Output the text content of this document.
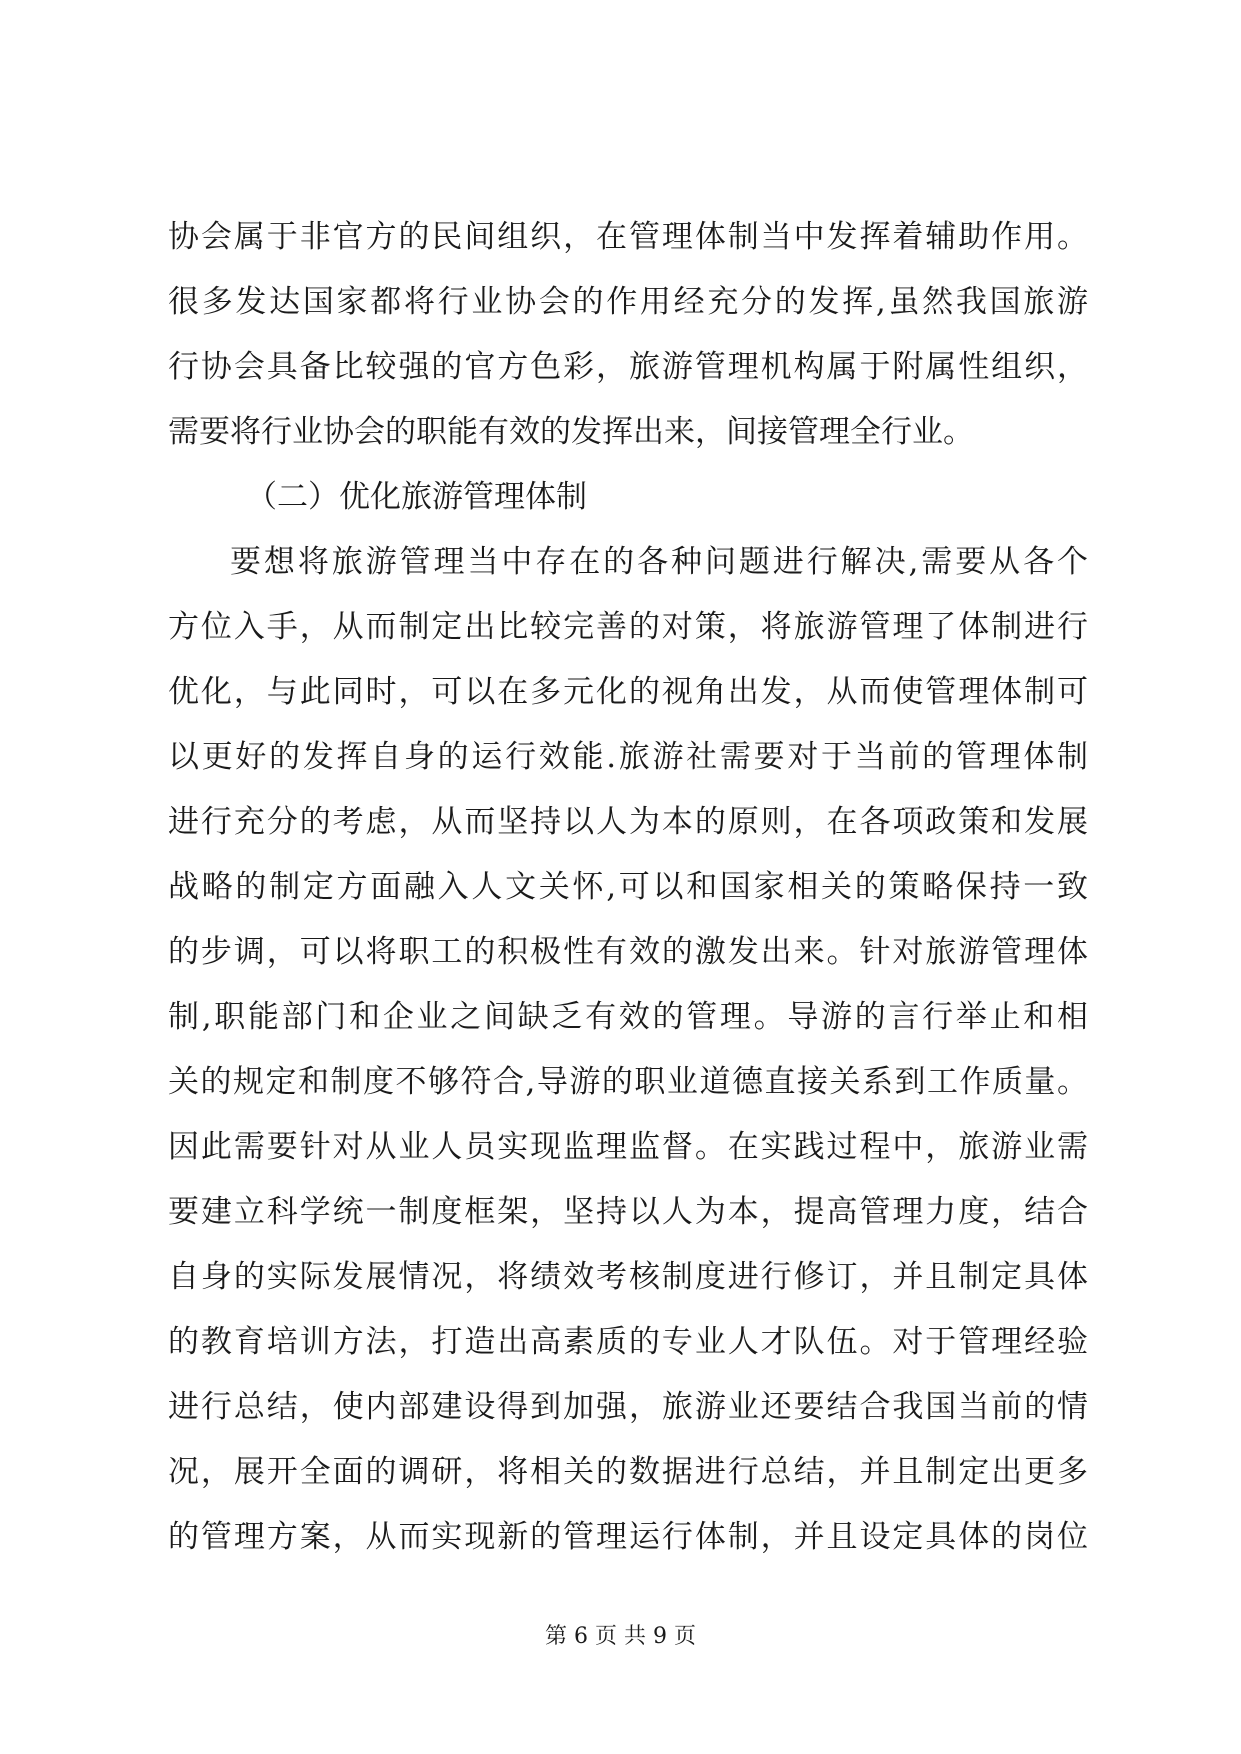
协会属于非官方的民间组织，在管理体制当中发挥着辅助作用。
很多发达国家都将行业协会的作用经充分的发挥,虽然我国旅游
行协会具备比较强的官方色彩，旅游管理机构属于附属性组织，
需要将行业协会的职能有效的发挥出来，间接管理全行业。
（二）优化旅游管理体制
要想将旅游管理当中存在的各种问题进行解决,需要从各个
方位入手，从而制定出比较完善的对策，将旅游管理了体制进行
优化，与此同时，可以在多元化的视角出发，从而使管理体制可
以更好的发挥自身的运行效能.旅游社需要对于当前的管理体制
进行充分的考虑，从而坚持以人为本的原则，在各项政策和发展
战略的制定方面融入人文关怀,可以和国家相关的策略保持一致
的步调，可以将职工的积极性有效的激发出来。针对旅游管理体
制,职能部门和企业之间缺乏有效的管理。导游的言行举止和相
关的规定和制度不够符合,导游的职业道德直接关系到工作质量。
因此需要针对从业人员实现监理监督。在实践过程中，旅游业需
要建立科学统一制度框架，坚持以人为本，提高管理力度，结合
自身的实际发展情况，将绩效考核制度进行修订，并且制定具体
的教育培训方法，打造出高素质的专业人才队伍。对于管理经验
进行总结，使内部建设得到加强，旅游业还要结合我国当前的情
况，展开全面的调研，将相关的数据进行总结，并且制定出更多
的管理方案，从而实现新的管理运行体制，并且设定具体的岗位
第 6 页 共 9 页
